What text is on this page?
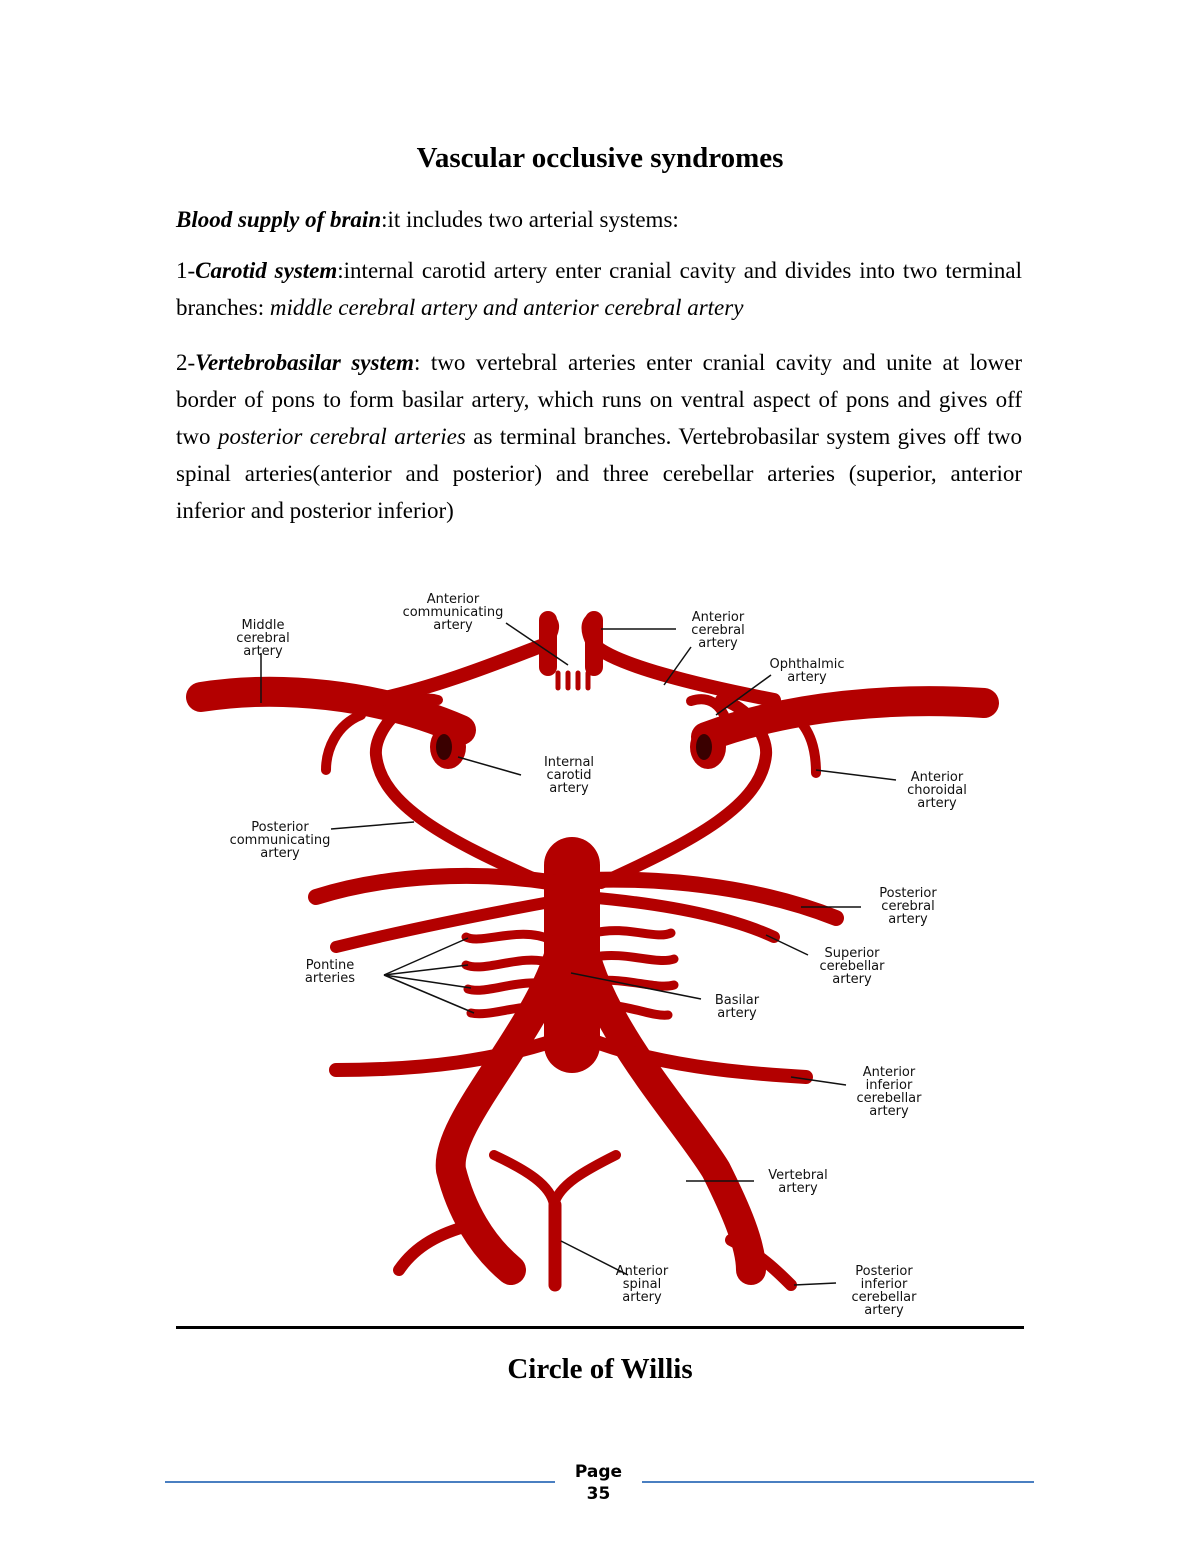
Vascular occlusive syndromes
Blood supply of brain:it includes two arterial systems:
1-Carotid system:internal carotid artery enter cranial cavity and divides into two terminal branches: middle cerebral artery and anterior cerebral artery
2-Vertebrobasilar system: two vertebral arteries enter cranial cavity and unite at lower border of pons to form basilar artery, which runs on ventral aspect of pons and gives off two posterior cerebral arteries as terminal branches. Vertebrobasilar system gives off two spinal arteries(anterior and posterior) and three cerebellar arteries (superior, anterior inferior and posterior inferior)
Middle cerebral artery
Anterior communicating artery
Anterior cerebral artery
Ophthalmic artery
Internal carotid artery
Anterior choroidal artery
Posterior communicating artery
Posterior cerebral artery
Pontine arteries
Superior cerebellar artery
Basilar artery
Anterior inferior cerebellar artery
Vertebral artery
Anterior spinal artery
Posterior inferior cerebellar artery
Circle of Willis
Page
35
